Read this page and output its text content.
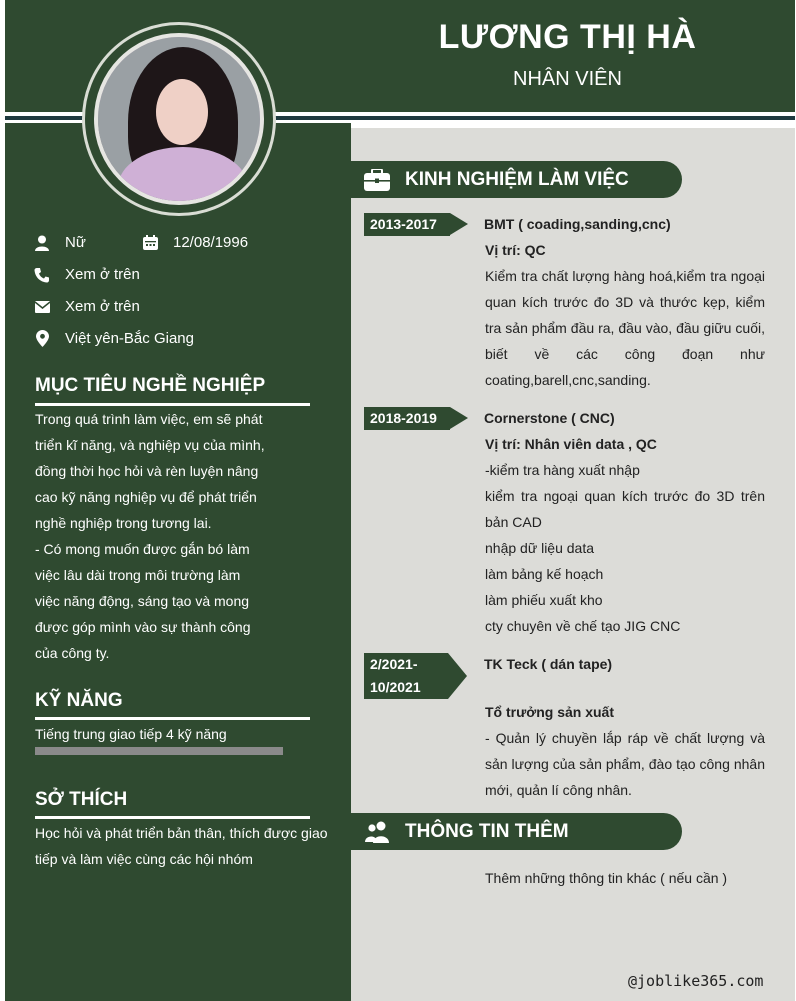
LƯƠNG THỊ HÀ
NHÂN VIÊN
Nữ	12/08/1996
Xem ở trên
Xem ở trên
Việt yên-Bắc Giang
MỤC TIÊU NGHỀ NGHIỆP
Trong quá trình làm việc, em sẽ phát
triển kĩ năng, và nghiệp vụ của mình,
đồng thời học hỏi và rèn luyện nâng
cao kỹ năng nghiệp vụ để phát triển
nghề nghiệp trong tương lai.
- Có mong muốn được gắn bó làm
việc lâu dài trong môi trường làm
việc năng động, sáng tạo và mong
được góp mình vào sự thành công
của công ty.
KỸ NĂNG
Tiếng trung giao tiếp 4 kỹ năng
SỞ THÍCH
Học hỏi và phát triển bản thân, thích được giao
tiếp và làm việc cùng các hội nhóm
KINH NGHIỆM LÀM VIỆC
2013-2017	BMT ( coading,sanding,cnc)
Vị trí: QC
Kiểm tra chất lượng hàng hoá,kiểm tra ngoại quan kích trước đo 3D và thước kẹp, kiểm tra sản phẩm đầu ra, đầu vào, đầu giữu cuối, biết về các công đoạn như coating,barell,cnc,sanding.
2018-2019	Cornerstone ( CNC)
Vị trí: Nhân viên data , QC
-kiểm tra hàng xuất nhập
kiểm tra ngoại quan kích trước đo 3D trên bản CAD
nhập dữ liệu data
làm bảng kế hoạch
làm phiếu xuất kho
cty chuyên về chế tạo JIG CNC
2/2021-
10/2021
TK Teck ( dán tape)
Tổ trưởng sản xuất
- Quản lý chuyền lắp ráp về chất lượng và sản lượng của sản phẩm, đào tạo công nhân mới, quản lí công nhân.
THÔNG TIN THÊM
Thêm những thông tin khác ( nếu cần )
@joblike365.com
